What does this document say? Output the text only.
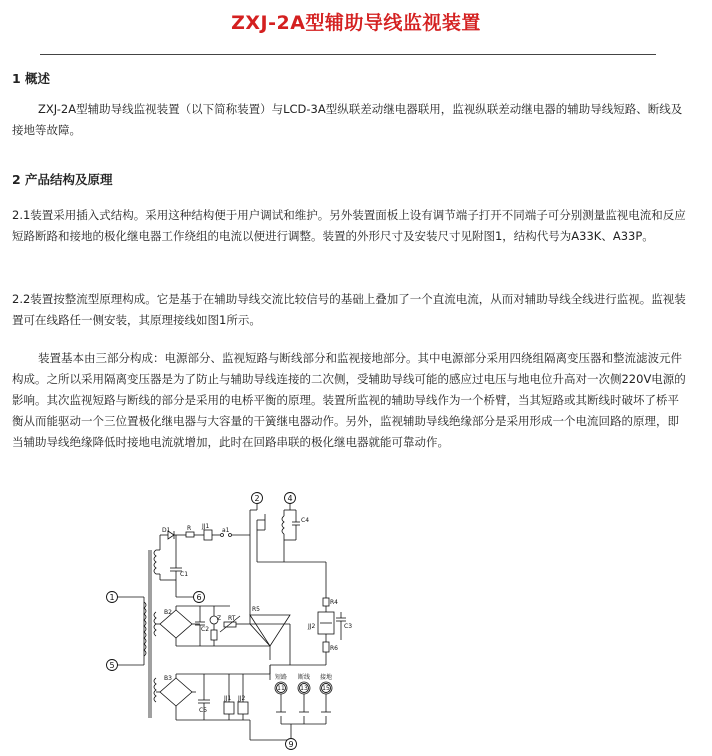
ZXJ-2A型辅助导线监视装置
1 概述

ZXJ-2A型辅助导线监视装置（以下简称装置）与LCD-3A型纵联差动继电器联用，监视纵联差动继电器的辅助导线短路、断线及接地等故障。

2 产品结构及原理

2.1装置采用插入式结构。采用这种结构便于用户调试和维护。另外装置面板上设有调节端子打开不同端子可分别测量监视电流和反应短路断路和接地的极化继电器工作绕组的电流以便进行调整。装置的外形尺寸及安装尺寸见附图1，结构代号为A33K、A33P。

2.2装置按整流型原理构成。它是基于在辅助导线交流比较信号的基础上叠加了一个直流电流，从而对辅助导线全线进行监视。监视装置可在线路任一侧安装，其原理接线如图1所示。

装置基本由三部分构成：电源部分、监视短路与断线部分和监视接地部分。其中电源部分采用四绕组隔离变压器和整流滤波元件构成。之所以采用隔离变压器是为了防止与辅助导线连接的二次侧，受辅助导线可能的感应过电压与地电位升高对一次侧220V电源的影响。其次监视短路与断线的部分是采用的电桥平衡的原理。装置所监视的辅助导线作为一个桥臂，当其短路或其断线时破坏了桥平衡从而能驱动一个三位置极化继电器与大容量的干簧继电器动作。另外，监视辅助导线绝缘部分是采用形成一个电流回路的原理，即当辅助导线绝缘降低时接地电流就增加，此时在回路串联的极化继电器就能可靠动作。

1
2	4
5
6
9
11	13 15
D1	R JJ1
a1
C1
B2
C2
Z RT
R5
B3
C5
JJ1 JJ2
C4
R4
JJ2	C3
R6
短路 断线 接地
